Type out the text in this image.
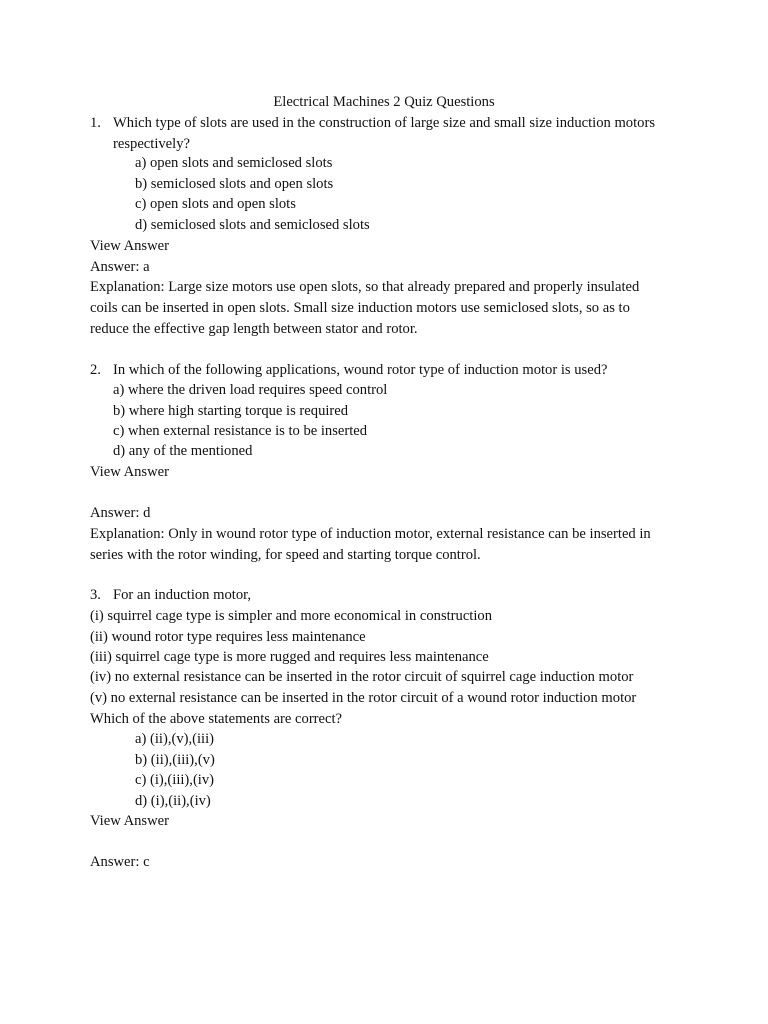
Electrical Machines 2 Quiz Questions
1. Which type of slots are used in the construction of large size and small size induction motors
respectively?
a) open slots and semiclosed slots
b) semiclosed slots and open slots
c) open slots and open slots
d) semiclosed slots and semiclosed slots
View Answer
Answer: a
Explanation: Large size motors use open slots, so that already prepared and properly insulated
coils can be inserted in open slots. Small size induction motors use semiclosed slots, so as to
reduce the effective gap length between stator and rotor.
2. In which of the following applications, wound rotor type of induction motor is used?
a) where the driven load requires speed control
b) where high starting torque is required
c) when external resistance is to be inserted
d) any of the mentioned
View Answer
Answer: d
Explanation: Only in wound rotor type of induction motor, external resistance can be inserted in
series with the rotor winding, for speed and starting torque control.
3. For an induction motor,
(i) squirrel cage type is simpler and more economical in construction
(ii) wound rotor type requires less maintenance
(iii) squirrel cage type is more rugged and requires less maintenance
(iv) no external resistance can be inserted in the rotor circuit of squirrel cage induction motor
(v) no external resistance can be inserted in the rotor circuit of a wound rotor induction motor
Which of the above statements are correct?
a) (ii),(v),(iii)
b) (ii),(iii),(v)
c) (i),(iii),(iv)
d) (i),(ii),(iv)
View Answer
Answer: c
